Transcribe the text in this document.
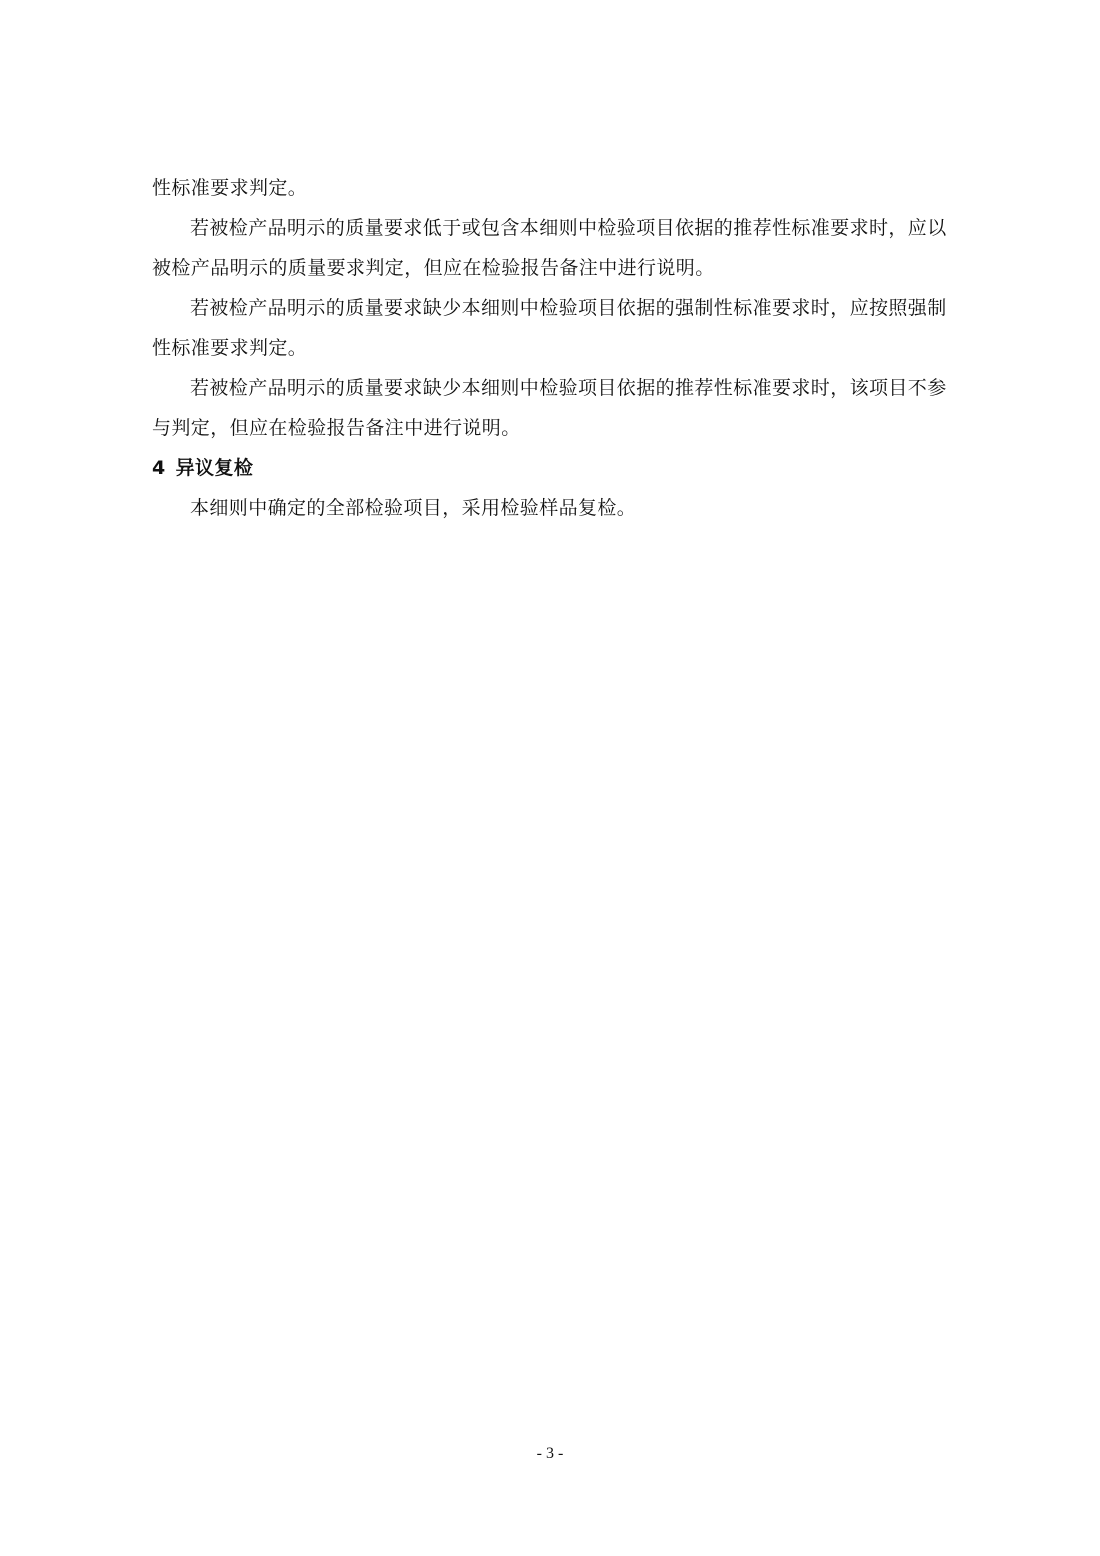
性标准要求判定。
若被检产品明示的质量要求低于或包含本细则中检验项目依据的推荐性标准要求时，应以
被检产品明示的质量要求判定，但应在检验报告备注中进行说明。
若被检产品明示的质量要求缺少本细则中检验项目依据的强制性标准要求时，应按照强制
性标准要求判定。
若被检产品明示的质量要求缺少本细则中检验项目依据的推荐性标准要求时，该项目不参
与判定，但应在检验报告备注中进行说明。
4 异议复检
本细则中确定的全部检验项目，采用检验样品复检。
- 3 -
